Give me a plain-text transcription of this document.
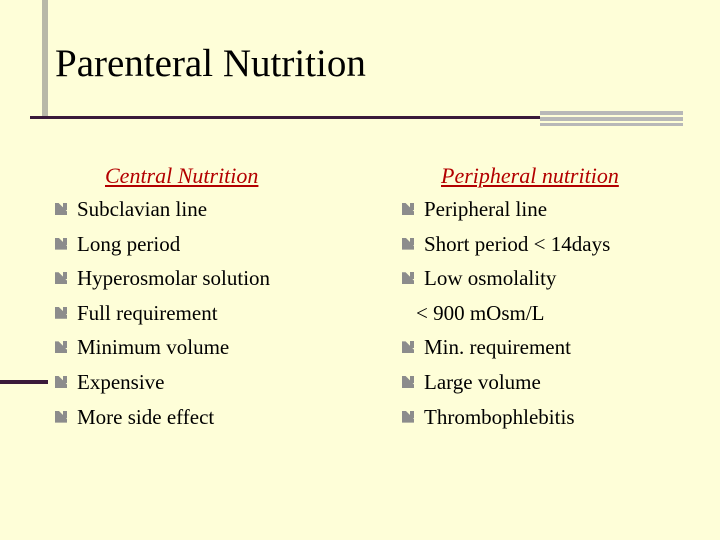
Parenteral Nutrition
Central Nutrition	Peripheral nutrition
Subclavian line
Long period
Hyperosmolar solution
Full requirement
Minimum volume
Expensive
More side effect
Peripheral line
Short period < 14days
Low osmolality
< 900 mOsm/L
Min. requirement
Large volume
Thrombophlebitis
